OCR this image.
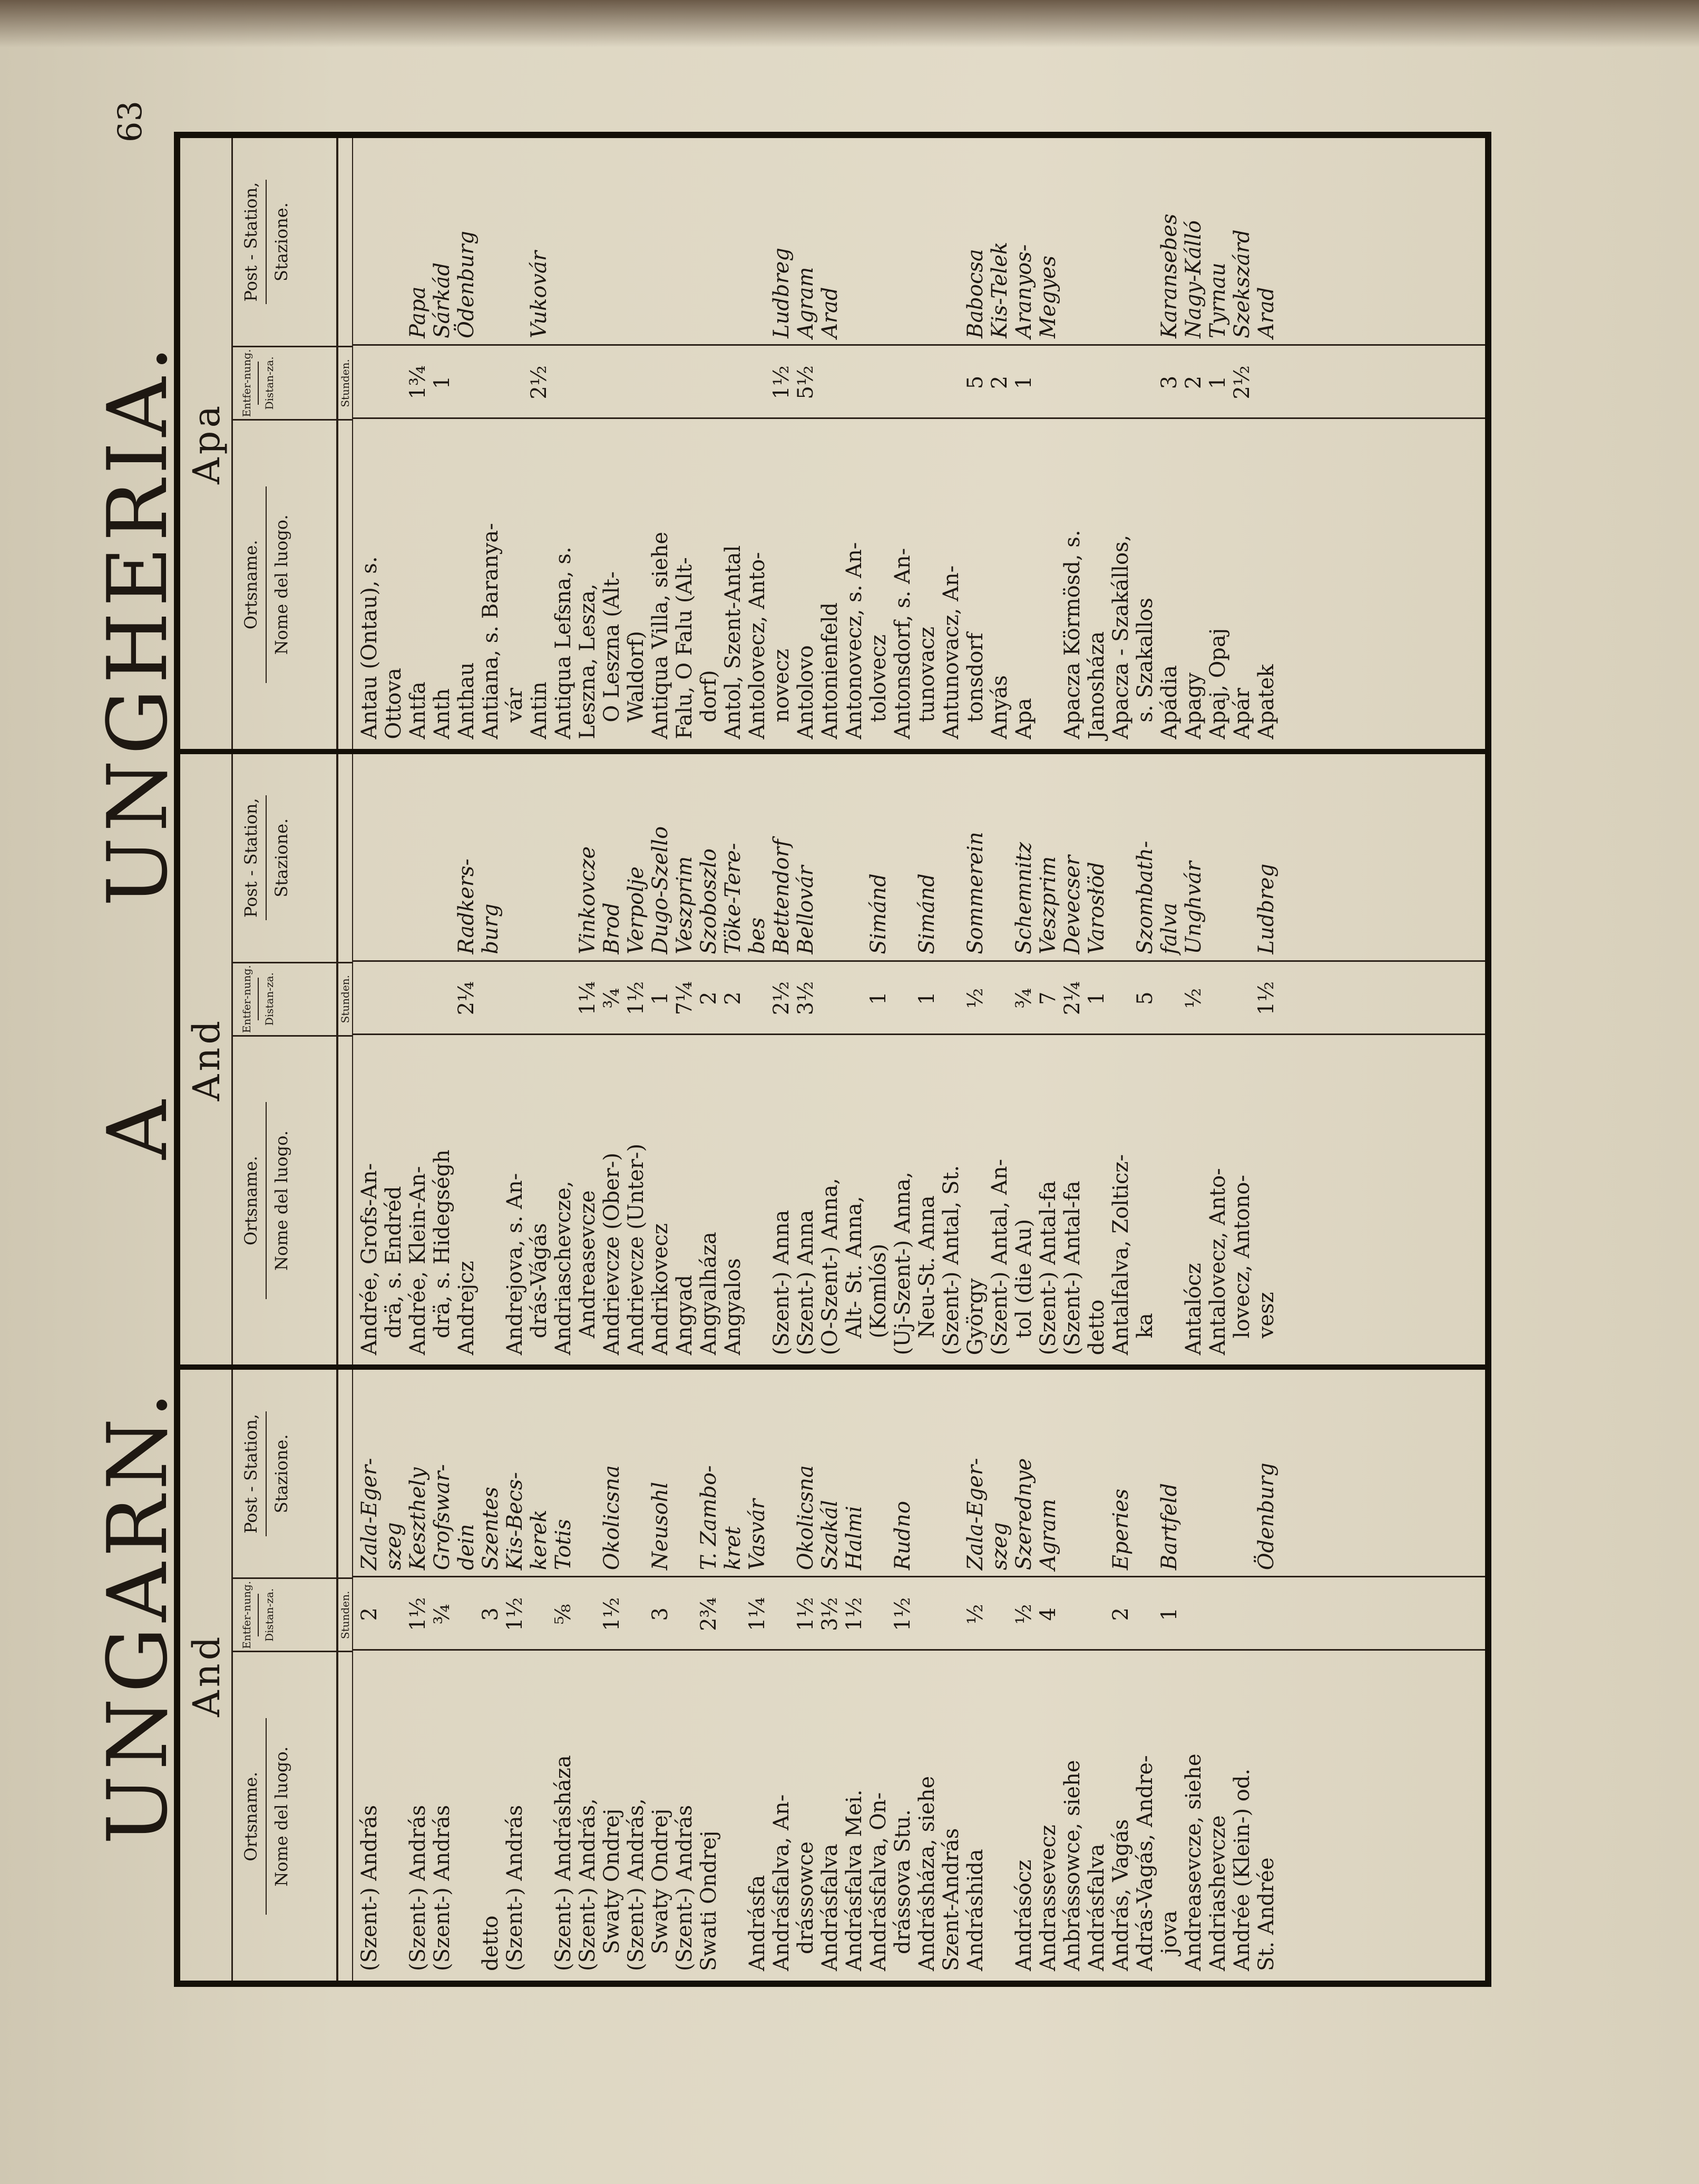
UNGARN.
A
UNGHERIA.
63
And
Ortsname. Nome del luogo.
Entfer-nung. Distan-za.
Post - Station, Stazione.
Stunden.
(Szent-) András
2
Zala-Eger- szeg
(Szent-) András
1½
Keszthely
(Szent-) András
¾
Grofswar- dein
detto
3
Szentes
(Szent-) András
1½
Kis-Becs- kerek
(Szent-) Andrásháza
⅝
Totis
(Szent-) András, Swaty Ondrej
1½
Okolicsna
(Szent-) András, Swaty Ondrej
3
Neusohl
(Szent-) András Swati Ondrej
2¾
T. Zambo- kret
Andrásfa
1¼
Vasvár
Andrásfalva, An- drássowce
1½
Okolicsna
Andrásfalva
3½
Szakál
Andrásfalva Mei.
1½
Halmi
Andrásfalva, On- drássova Stu.
1½
Rudno
Andrásháza, siehe Szent-András Andráshida
½
Zala-Eger- szeg
Andrásócz
½
Szerednye
Andrassevecz
4
Agram
Anbrássowce, siehe Andrásfalva András, Vagás
2
Eperies
Adrás-Vagás, Andre- jova
1
Bartfeld
Andreasevcze, siehe Andriashevcze Andrée (Klein-) od. St. Andrée
Ödenburg
And
Ortsname. Nome del luogo.
Entfer-nung. Distan-za.
Post - Station, Stazione.
Stunden.
Andrée, Grofs-An- drä, s. Endréd Andrée, Klein-An- drä, s. Hidegségh Andrejcz
2¼
Radkers- burg
Andrejova, s. An- drás-Vágás Andriaschevcze, Andreasevcze
1¼
Vinkovcze
Andrievcze (Ober-)
¾
Brod
Andrievcze (Unter-)
1½
Verpolje
Andrikovecz
1
Dugo-Szello
Angyad
7¼
Veszprim
Angyalháza
2
Szoboszlo
Angyalos
2
Töke-Tere- bes
(Szent-) Anna
2½
Bettendorf
(Szent-) Anna
3½
Bellovár
(O-Szent-) Anna, Alt- St. Anna, (Komlós)
1
Simánd
(Uj-Szent-) Anna, Neu-St. Anna
1
Simánd
(Szent-) Antal, St. György
½
Sommerein
(Szent-) Antal, An- tol (die Au)
¾
Schemnitz
(Szent-) Antal-fa
7
Veszprim
(Szent-) Antal-fa
2¼
Devecser
detto
1
Varosłöd
Antalfalva, Zolticz- ka
5
Szombath- falva
Antalócz
½
Unghvár
Antalovecz, Anto- lovecz, Antono- vesz
1½
Ludbreg
Apa
Ortsname. Nome del luogo.
Entfer-nung. Distan-za.
Post - Station, Stazione.
Stunden.
Antau (Ontau), s. Ottova Antfa
1¾
Papa
Anth
1
Sárkád
Anthau
Ödenburg
Antiana, s. Baranya- vár Antin
2½
Vukovár
Antiqua Lefsna, s. Leszna, Lesza, O Leszna (Alt- Waldorf) Antiqua Villa, siehe Falu, O Falu (Alt- dorf) Antol, Szent-Antal Antolovecz, Anto- novecz
1½
Ludbreg
Antolovo
5½
Agram
Antonienfeld
Arad
Antonovecz, s. An- tolovecz Antonsdorf, s. An- tunovacz Antunovacz, An- tonsdorf
5
Babocsa
Anyás
2
Kis-Telek
Apa
1
Aranyos- Megyes
Apacza Körmösd, s. Janosháza Apacza - Szakállos, s. Szakallos Apádia
3
Karansebes
Apagy
2
Nagy-Kálló
Apaj, Opaj
1
Tyrnau
Apár
2½
Szekszárd
Apatek
Arad
